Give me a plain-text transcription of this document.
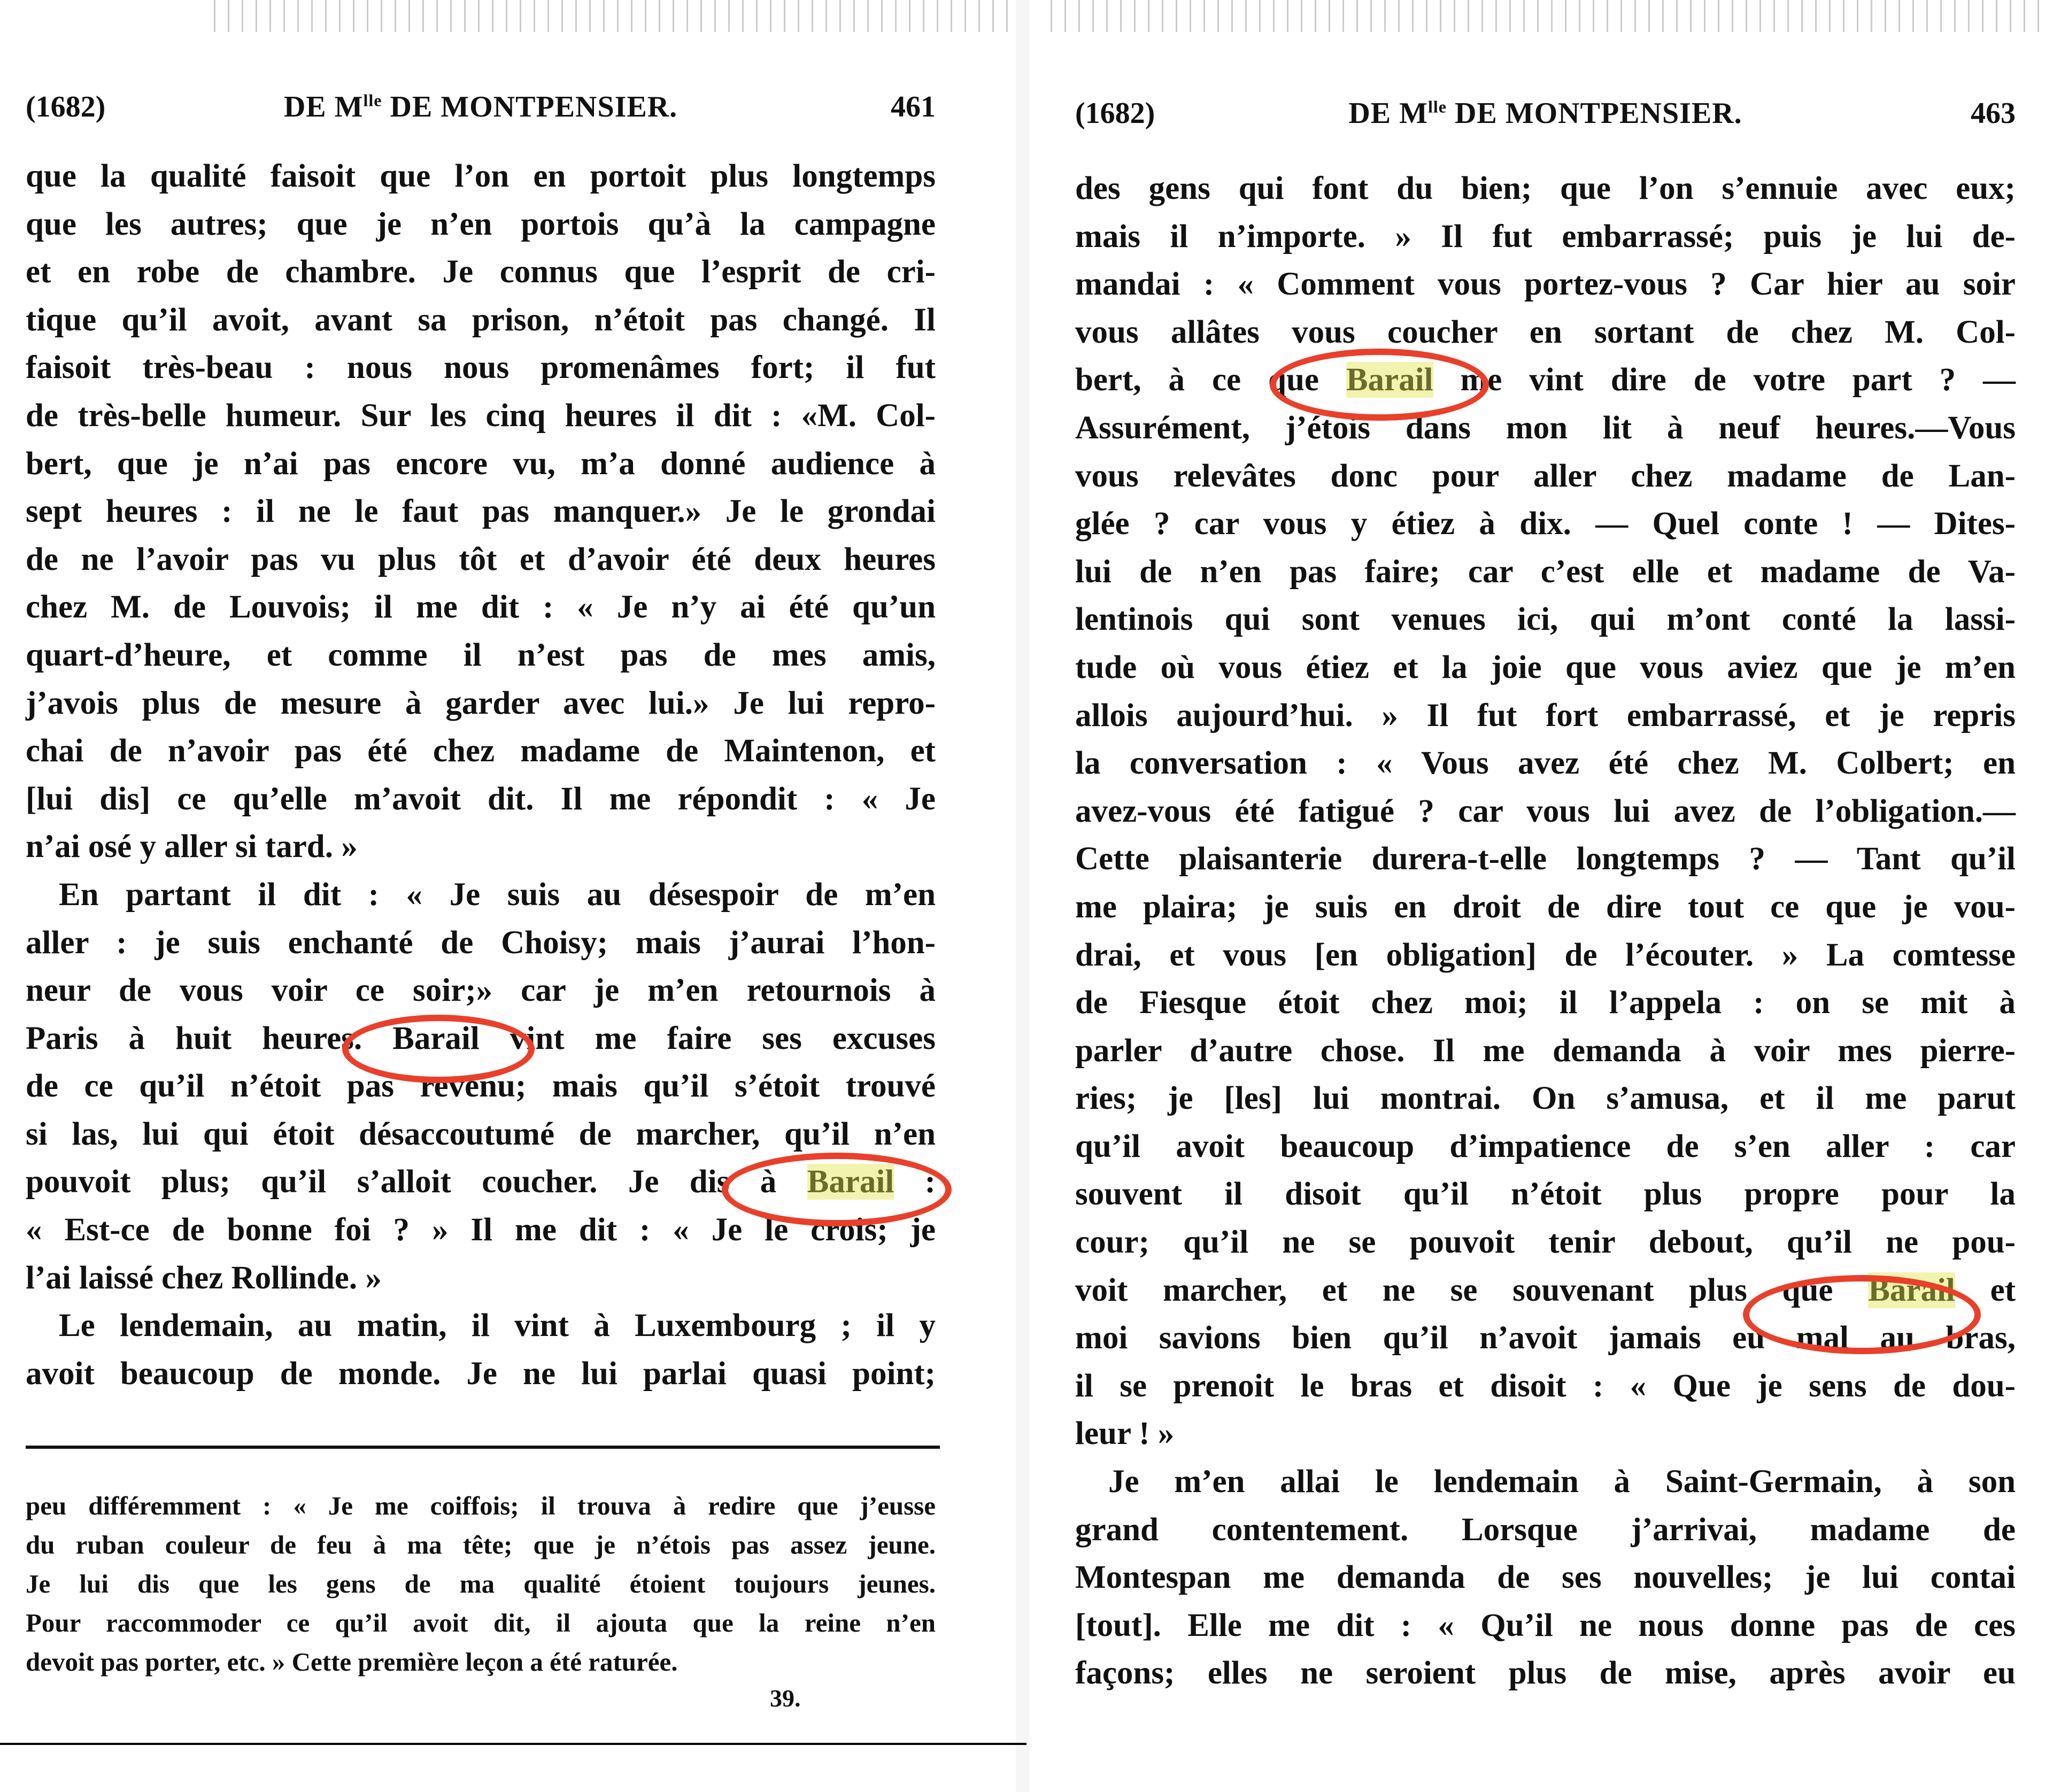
(1682)	DE $M^{lle}$ DE MONTPENSIER.	461
que la qualité faisoit que l’on en portoit plus longtemps
que les autres; que je n’en portois qu’à la campagne
et en robe de chambre. Je connus que l’esprit de cri-
tique qu’il avoit, avant sa prison, n’étoit pas changé. Il
faisoit très-beau : nous nous promenâmes fort; il fut
de très-belle humeur. Sur les cinq heures il dit : «M. Col-
bert, que je n’ai pas encore vu, m’a donné audience à
sept heures : il ne le faut pas manquer.» Je le grondai
de ne l’avoir pas vu plus tôt et d’avoir été deux heures
chez M. de Louvois; il me dit : « Je n’y ai été qu’un
quart-d’heure, et comme il n’est pas de mes amis,
j’avois plus de mesure à garder avec lui.» Je lui repro-
chai de n’avoir pas été chez madame de Maintenon, et
[lui dis] ce qu’elle m’avoit dit. Il me répondit : « Je
n’ai osé y aller si tard. »
En partant il dit : « Je suis au désespoir de m’en
aller : je suis enchanté de Choisy; mais j’aurai l’hon-
neur de vous voir ce soir;» car je m’en retournois à
Paris à huit heures. Barail vint me faire ses excuses
de ce qu’il n’étoit pas revenu; mais qu’il s’étoit trouvé
si las, lui qui étoit désaccoutumé de marcher, qu’il n’en
pouvoit plus; qu’il s’alloit coucher. Je dis à Barail :
« Est-ce de bonne foi ? » Il me dit : « Je le crois; je
l’ai laissé chez Rollinde. »
Le lendemain, au matin, il vint à Luxembourg ; il y
avoit beaucoup de monde. Je ne lui parlai quasi point;
peu différemment : « Je me coiffois; il trouva à redire que j’eusse
du ruban couleur de feu à ma tête; que je n’étois pas assez jeune.
Je lui dis que les gens de ma qualité étoient toujours jeunes.
Pour raccommoder ce qu’il avoit dit, il ajouta que la reine n’en
devoit pas porter, etc. » Cette première leçon a été raturée.
39.
(1682)	DE $M^{lle}$ DE MONTPENSIER.	463
des gens qui font du bien; que l’on s’ennuie avec eux;
mais il n’importe. » Il fut embarrassé; puis je lui de-
mandai : « Comment vous portez-vous ? Car hier au soir
vous allâtes vous coucher en sortant de chez M. Col-
bert, à ce que Barail me vint dire de votre part ? —
Assurément, j’étois dans mon lit à neuf heures.—Vous
vous relevâtes donc pour aller chez madame de Lan-
glée ? car vous y étiez à dix. — Quel conte ! — Dites-
lui de n’en pas faire; car c’est elle et madame de Va-
lentinois qui sont venues ici, qui m’ont conté la lassi-
tude où vous étiez et la joie que vous aviez que je m’en
allois aujourd’hui. » Il fut fort embarrassé, et je repris
la conversation : « Vous avez été chez M. Colbert; en
avez-vous été fatigué ? car vous lui avez de l’obligation.—
Cette plaisanterie durera-t-elle longtemps ? — Tant qu’il
me plaira; je suis en droit de dire tout ce que je vou-
drai, et vous [en obligation] de l’écouter. » La comtesse
de Fiesque étoit chez moi; il l’appela : on se mit à
parler d’autre chose. Il me demanda à voir mes pierre-
ries; je [les] lui montrai. On s’amusa, et il me parut
qu’il avoit beaucoup d’impatience de s’en aller : car
souvent il disoit qu’il n’étoit plus propre pour la
cour; qu’il ne se pouvoit tenir debout, qu’il ne pou-
voit marcher, et ne se souvenant plus que Barail et
moi savions bien qu’il n’avoit jamais eu mal au bras,
il se prenoit le bras et disoit : « Que je sens de dou-
leur ! »
Je m’en allai le lendemain à Saint-Germain, à son
grand contentement. Lorsque j’arrivai, madame de
Montespan me demanda de ses nouvelles; je lui contai
[tout]. Elle me dit : « Qu’il ne nous donne pas de ces
façons; elles ne seroient plus de mise, après avoir eu
